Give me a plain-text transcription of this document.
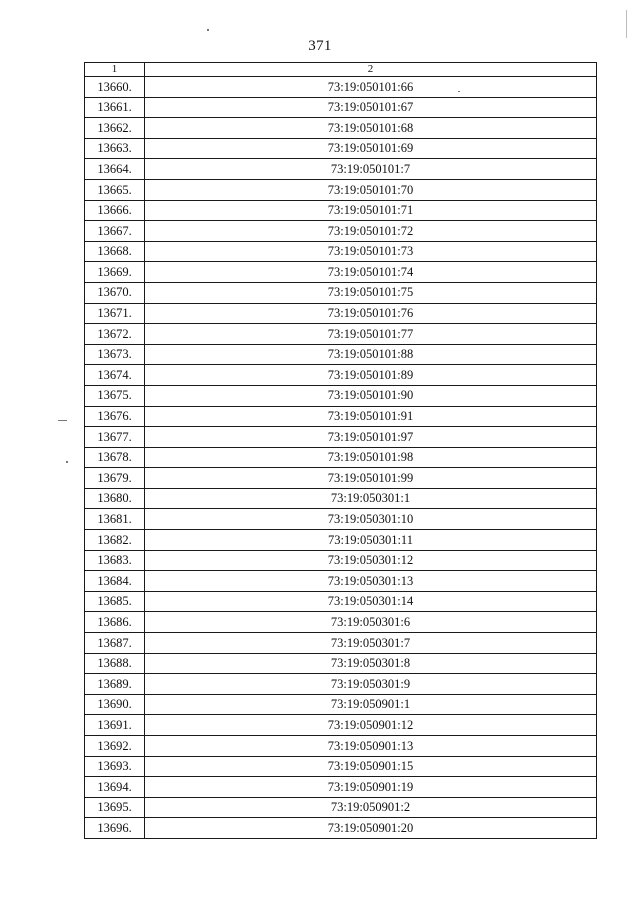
371
1	2
13660.	73:19:050101:66
13661.	73:19:050101:67
13662.	73:19:050101:68
13663.	73:19:050101:69
13664.	73:19:050101:7
13665.	73:19:050101:70
13666.	73:19:050101:71
13667.	73:19:050101:72
13668.	73:19:050101:73
13669.	73:19:050101:74
13670.	73:19:050101:75
13671.	73:19:050101:76
13672.	73:19:050101:77
13673.	73:19:050101:88
13674.	73:19:050101:89
13675.	73:19:050101:90
13676.	73:19:050101:91
13677.	73:19:050101:97
13678.	73:19:050101:98
13679.	73:19:050101:99
13680.	73:19:050301:1
13681.	73:19:050301:10
13682.	73:19:050301:11
13683.	73:19:050301:12
13684.	73:19:050301:13
13685.	73:19:050301:14
13686.	73:19:050301:6
13687.	73:19:050301:7
13688.	73:19:050301:8
13689.	73:19:050301:9
13690.	73:19:050901:1
13691.	73:19:050901:12
13692.	73:19:050901:13
13693.	73:19:050901:15
13694.	73:19:050901:19
13695.	73:19:050901:2
13696.	73:19:050901:20
